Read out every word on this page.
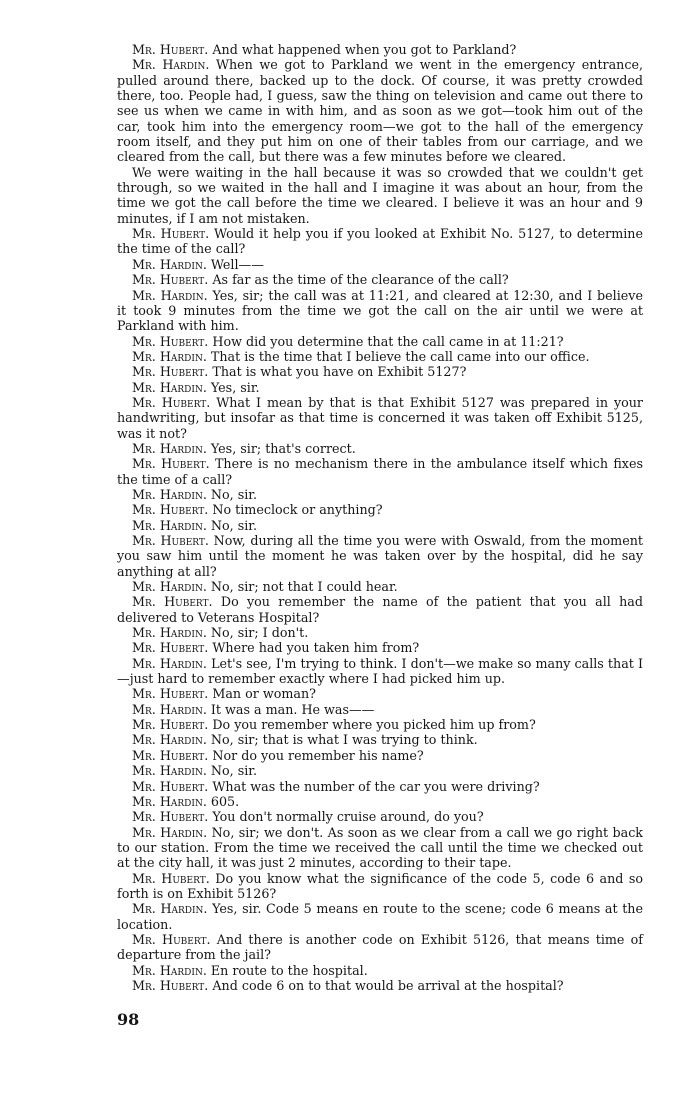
Mr. Hubert. And what happened when you got to Parkland?

Mr. Hardin. When we got to Parkland we went in the emergency entrance, pulled around there, backed up to the dock. Of course, it was pretty crowded there, too. People had, I guess, saw the thing on television and came out there to see us when we came in with him, and as soon as we got—took him out of the car, took him into the emergency room—we got to the hall of the emergency room itself, and they put him on one of their tables from our carriage, and we cleared from the call, but there was a few minutes before we cleared.

We were waiting in the hall because it was so crowded that we couldn't get through, so we waited in the hall and I imagine it was about an hour, from the time we got the call before the time we cleared. I believe it was an hour and 9 minutes, if I am not mistaken.

Mr. Hubert. Would it help you if you looked at Exhibit No. 5127, to determine the time of the call?

Mr. Hardin. Well——

Mr. Hubert. As far as the time of the clearance of the call?

Mr. Hardin. Yes, sir; the call was at 11:21, and cleared at 12:30, and I believe it took 9 minutes from the time we got the call on the air until we were at Parkland with him.

Mr. Hubert. How did you determine that the call came in at 11:21?

Mr. Hardin. That is the time that I believe the call came into our office.

Mr. Hubert. That is what you have on Exhibit 5127?

Mr. Hardin. Yes, sir.

Mr. Hubert. What I mean by that is that Exhibit 5127 was prepared in your handwriting, but insofar as that time is concerned it was taken off Exhibit 5125, was it not?

Mr. Hardin. Yes, sir; that's correct.

Mr. Hubert. There is no mechanism there in the ambulance itself which fixes the time of a call?

Mr. Hardin. No, sir.

Mr. Hubert. No timeclock or anything?

Mr. Hardin. No, sir.

Mr. Hubert. Now, during all the time you were with Oswald, from the moment you saw him until the moment he was taken over by the hospital, did he say anything at all?

Mr. Hardin. No, sir; not that I could hear.

Mr. Hubert. Do you remember the name of the patient that you all had delivered to Veterans Hospital?

Mr. Hardin. No, sir; I don't.

Mr. Hubert. Where had you taken him from?

Mr. Hardin. Let's see, I'm trying to think. I don't—we make so many calls that I—just hard to remember exactly where I had picked him up.

Mr. Hubert. Man or woman?

Mr. Hardin. It was a man. He was——

Mr. Hubert. Do you remember where you picked him up from?

Mr. Hardin. No, sir; that is what I was trying to think.

Mr. Hubert. Nor do you remember his name?

Mr. Hardin. No, sir.

Mr. Hubert. What was the number of the car you were driving?

Mr. Hardin. 605.

Mr. Hubert. You don't normally cruise around, do you?

Mr. Hardin. No, sir; we don't. As soon as we clear from a call we go right back to our station. From the time we received the call until the time we checked out at the city hall, it was just 2 minutes, according to their tape.

Mr. Hubert. Do you know what the significance of the code 5, code 6 and so forth is on Exhibit 5126?

Mr. Hardin. Yes, sir. Code 5 means en route to the scene; code 6 means at the location.

Mr. Hubert. And there is another code on Exhibit 5126, that means time of departure from the jail?

Mr. Hardin. En route to the hospital.

Mr. Hubert. And code 6 on to that would be arrival at the hospital?

98
